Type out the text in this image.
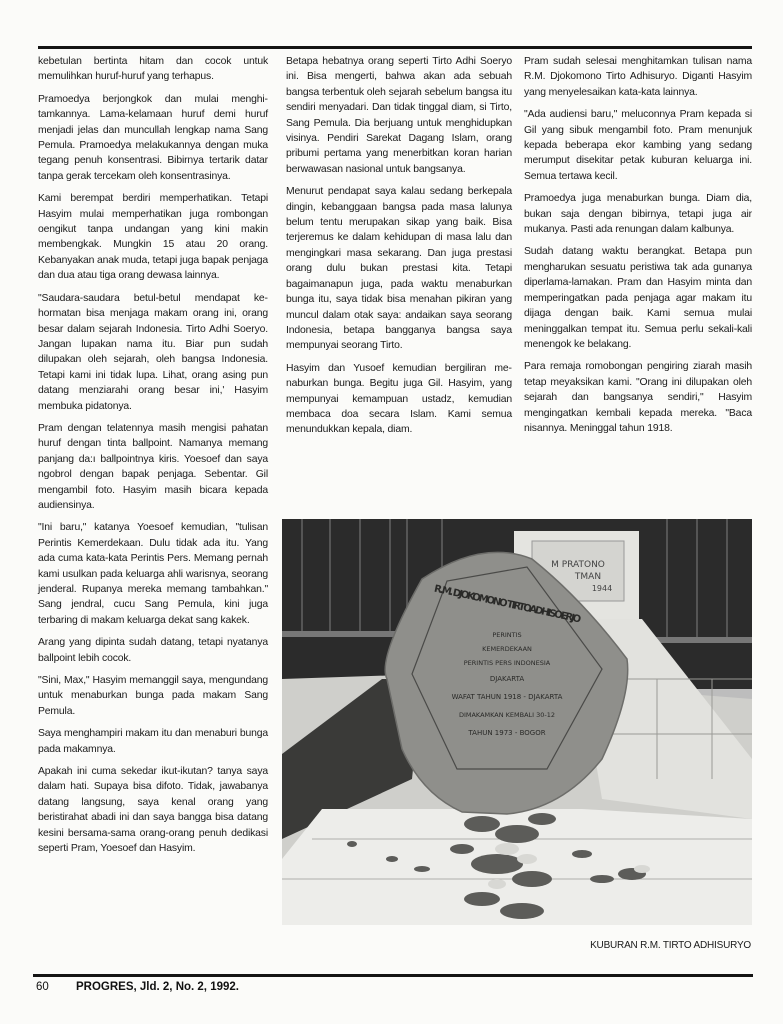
kebetulan bertinta hitam dan cocok untuk memulihkan huruf-huruf yang terhapus.

Pramoedya berjongkok dan mulai menghitamkannya. Lama-kelamaan huruf demi huruf menjadi jelas dan muncullah lengkap nama Sang Pemula. Pramoedya melakukannya dengan muka tegang penuh konsentrasi. Bibirnya tertarik datar tanpa gerak tercekam oleh konsentrasinya.

Kami berempat berdiri memperhatikan. Tetapi Hasyim mulai memperhatikan juga rombongan oengikut tanpa undangan yang kini makin membengkak. Mungkin 15 atau 20 orang. Kebanyakan anak muda, tetapi juga bapak penjaga dan dua atau tiga orang dewasa lainnya.

"Saudara-saudara betul-betul mendapat kehormatan bisa menjaga makam orang ini, orang besar dalam sejarah Indonesia. Tirto Adhi Soeryo. Jangan lupakan nama itu. Biar pun sudah dilupakan oleh sejarah, oleh bangsa Indonesia. Tetapi kami ini tidak lupa. Lihat, orang asing pun datang menziarahi orang besar ini,' Hasyim membuka pidatonya.

Pram dengan telatennya masih mengisi pahatan huruf dengan tinta ballpoint. Namanya memang panjang da:ı ballpointnya kiris. Yoesoef dan saya ngobrol dengan bapak penjaga. Sebentar. Gil mengambil foto. Hasyim masih bicara kepada audiensinya.

"Ini baru," katanya Yoesoef kemudian, "tulisan Perintis Kemerdekaan. Dulu tidak ada itu. Yang ada cuma kata-kata Perintis Pers. Memang pernah kami usulkan pada keluarga ahli warisnya, seorang jenderal. Rupanya mereka memang tambahkan." Sang jendral, cucu Sang Pemula, kini juga terbaring di makam keluarga dekat sang kakek.

Arang yang dipinta sudah datang, tetapi nyatanya ballpoint lebih cocok.

"Sini, Max," Hasyim memanggil saya, mengundang untuk menaburkan bunga pada makam Sang Pemula.

Saya menghampiri makam itu dan menaburi bunga pada makamnya.

Apakah ini cuma sekedar ikut-ikutan? tanya saya dalam hati. Supaya bisa difoto. Tidak, jawabanya datang langsung, saya kenal orang yang beristirahat abadi ini dan saya bangga bisa datang kesini bersama-sama orang-orang penuh dedikasi seperti Pram, Yoesoef dan Hasyim.

Betapa hebatnya orang seperti Tirto Adhi Soeryo ini. Bisa mengerti, bahwa akan ada sebuah bangsa terbentuk oleh sejarah sebelum bangsa itu sendiri menyadari. Dan tidak tinggal diam, si Tirto, Sang Pemula. Dia berjuang untuk menghidupkan visinya. Pendiri Sarekat Dagang Islam, orang pribumi pertama yang menerbitkan koran harian berwawasan nasional untuk bangsanya.

Menurut pendapat saya kalau sedang berkepala dingin, kebanggaan bangsa pada masa lalunya belum tentu merupakan sikap yang baik. Bisa terjeremus ke dalam kehidupan di masa lalu dan mengingkari masa sekarang. Dan juga prestasi orang dulu bukan prestasi kita. Tetapi bagaimanapun juga, pada waktu menaburkan bunga itu, saya tidak bisa menahan pikiran yang muncul dalam otak saya: andaikan saya seorang Indonesia, betapa bangganya bangsa saya mempunyai seorang Tirto.

Hasyim dan Yusoef kemudian bergiliran menaburkan bunga. Begitu juga Gil. Hasyim, yang mempunyai kemampuan ustadz, kemudian membaca doa secara Islam. Kami semua menundukkan kepala, diam.

Pram sudah selesai menghitamkan tulisan nama R.M. Djokomono Tirto Adhisuryo. Diganti Hasyim yang menyelesaikan kata-kata lainnya.

"Ada audiensi baru," meluconnya Pram kepada si Gil yang sibuk mengambil foto. Pram menunjuk kepada beberapa ekor kambing yang sedang merumput disekitar petak kuburan keluarga ini. Semua tertawa kecil.

Pramoedya juga menaburkan bunga. Diam dia, bukan saja dengan bibirnya, tetapi juga air mukanya. Pasti ada renungan dalam kalbunya.

Sudah datang waktu berangkat. Betapa pun mengharukan sesuatu peristiwa tak ada gunanya diperlama-lamakan. Pram dan Hasyim minta dan memperingatkan pada penjaga agar makam itu dijaga dengan baik. Kami semua mulai meninggalkan tempat itu. Semua perlu sekali-kali menengok ke belakang.

Para remaja romobongan pengiring ziarah masih tetap meyaksikan kami. "Orang ini dilupakan oleh sejarah dan bangsanya sendiri," Hasyim mengingatkan kembali kepada mereka. "Baca nisannya. Meninggal tahun 1918.

M PRATONO
TMAN
1944
R.M. DJOKOMONO TIRTOADHISOERJO
PERINTIS
KEMERDEKAAN
PERINTIS PERS INDONESIA
DJAKARTA
WAFAT TAHUN 1918 - DJAKARTA
DIMAKAMKAN KEMBALI 30-12
TAHUN 1973 - BOGOR
KUBURAN R.M. TIRTO ADHISURYO
60 PROGRES, Jld. 2, No. 2, 1992.
